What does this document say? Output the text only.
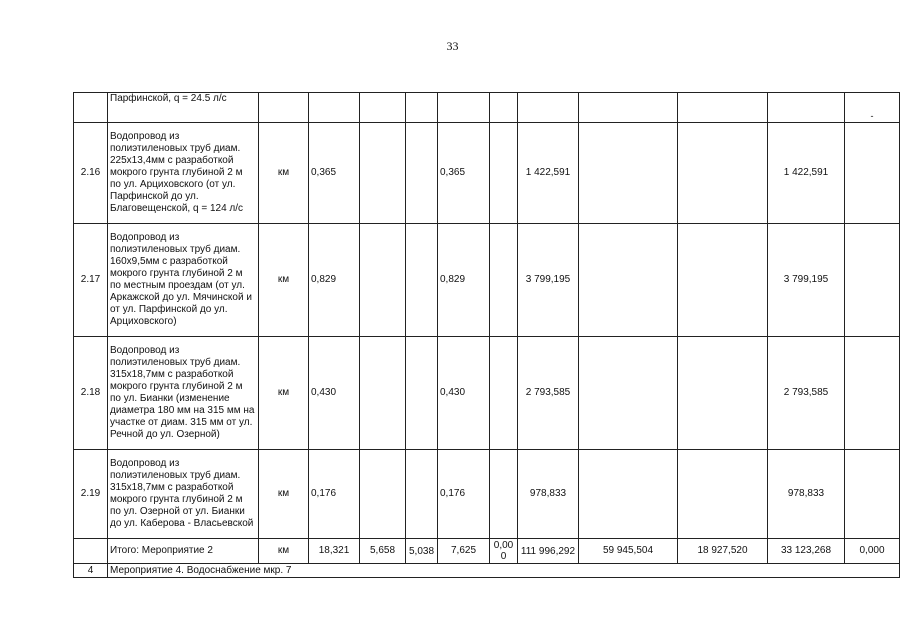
33
	Парфинской, q = 24.5 л/с											-

2.16	Водопровод из полиэтиленовых труб диам. 225х13,4мм с разработкой мокрого грунта глубиной 2 м по ул. Арциховского (от ул. Парфинской до ул. Благовещенской, q = 124 л/с	км	0,365			0,365		1 422,591			1 422,591	
2.17	Водопровод из полиэтиленовых труб диам. 160х9,5мм с разработкой мокрого грунта глубиной 2 м по местным проездам (от ул. Аркажской до ул. Мячинской и от ул. Парфинской до ул. Арциховского)	км	0,829			0,829		3 799,195			3 799,195	
2.18	Водопровод из полиэтиленовых труб диам. 315х18,7мм с разработкой мокрого грунта глубиной 2 м по ул. Бианки (изменение диаметра 180 мм на 315 мм на участке от диам. 315 мм от ул. Речной до ул. Озерной)	км	0,430			0,430		2 793,585			2 793,585	
2.19	Водопровод из полиэтиленовых труб диам. 315х18,7мм с разработкой мокрого грунта глубиной 2 м по ул. Озерной от ул. Бианки до ул. Каберова - Власьевской	км	0,176			0,176		978,833			978,833	
	Итого: Мероприятие 2	км	18,321	5,658	5,038	7,625	0,000	111 996,292	59 945,504	18 927,520	33 123,268	0,000
4	Мероприятие 4. Водоснабжение мкр. 7											
